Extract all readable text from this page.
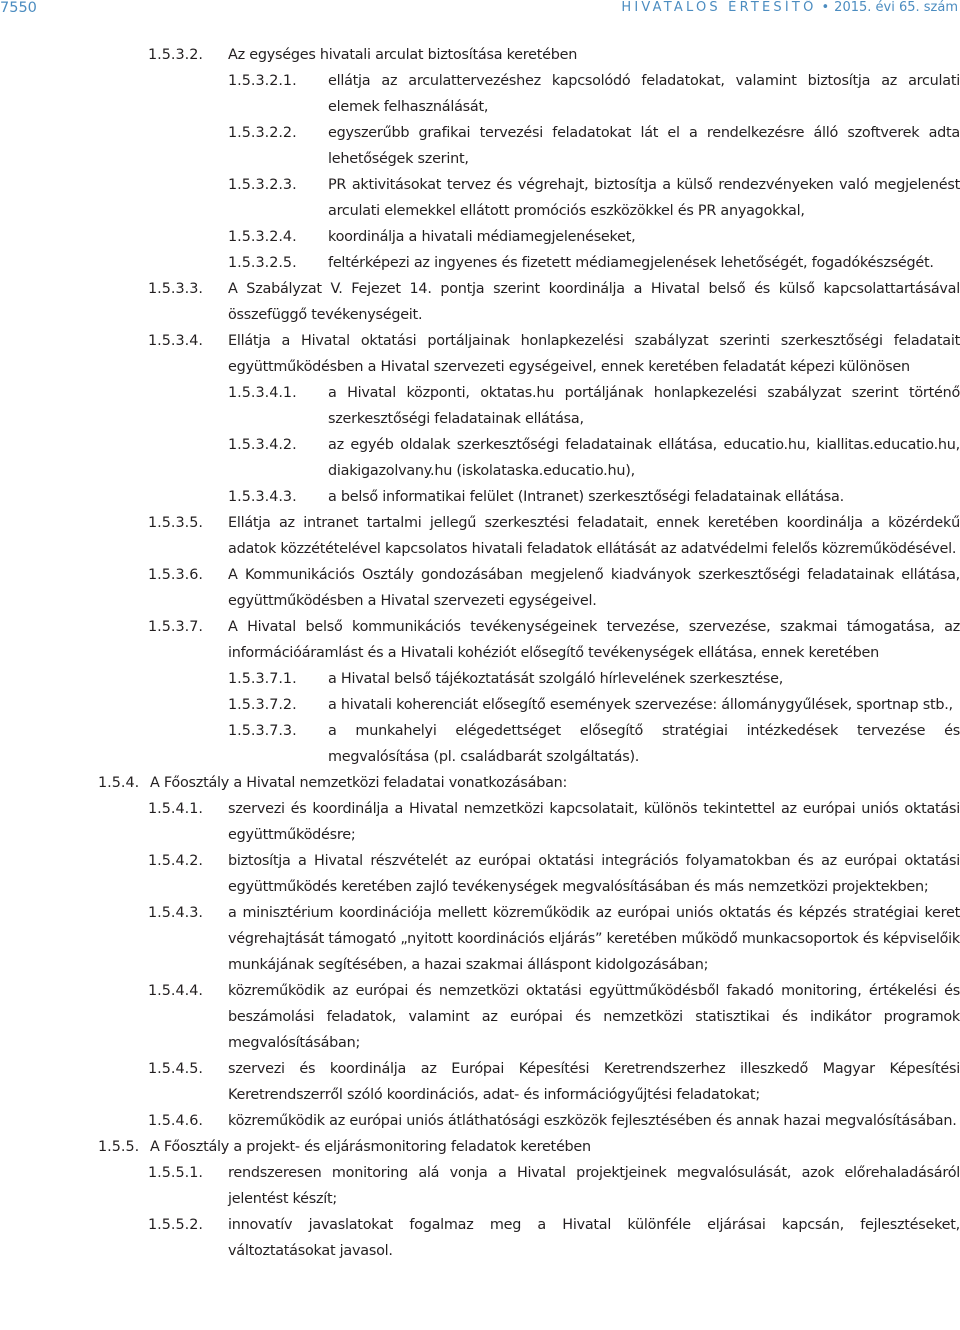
7550	HIVATALOS ÉRTESÍTŐ • 2015. évi 65. szám
1.5.3.2.	Az egységes hivatali arculat biztosítása keretében
1.5.3.2.1.	ellátja az arculattervezéshez kapcsolódó feladatokat, valamint biztosítja az arculati elemek felhasználását,
1.5.3.2.2.	egyszerűbb grafikai tervezési feladatokat lát el a rendelkezésre álló szoftverek adta lehetőségek szerint,
1.5.3.2.3.	PR aktivitásokat tervez és végrehajt, biztosítja a külső rendezvényeken való megjelenést arculati elemekkel ellátott promóciós eszközökkel és PR anyagokkal,
1.5.3.2.4.	koordinálja a hivatali médiamegjelenéseket,
1.5.3.2.5.	feltérképezi az ingyenes és fizetett médiamegjelenések lehetőségét, fogadókészségét.
1.5.3.3.	A Szabályzat V. Fejezet 14. pontja szerint koordinálja a Hivatal belső és külső kapcsolattartásával összefüggő tevékenységeit.
1.5.3.4.	Ellátja a Hivatal oktatási portáljainak honlapkezelési szabályzat szerinti szerkesztőségi feladatait együttműködésben a Hivatal szervezeti egységeivel, ennek keretében feladatát képezi különösen
1.5.3.4.1.	a Hivatal központi, oktatas.hu portáljának honlapkezelési szabályzat szerint történő szerkesztőségi feladatainak ellátása,
1.5.3.4.2.	az egyéb oldalak szerkesztőségi feladatainak ellátása, educatio.hu, kiallitas.educatio.hu, diakigazolvany.hu (iskolataska.educatio.hu),
1.5.3.4.3.	a belső informatikai felület (Intranet) szerkesztőségi feladatainak ellátása.
1.5.3.5.	Ellátja az intranet tartalmi jellegű szerkesztési feladatait, ennek keretében koordinálja a közérdekű adatok közzétételével kapcsolatos hivatali feladatok ellátását az adatvédelmi felelős közreműködésével.
1.5.3.6.	A Kommunikációs Osztály gondozásában megjelenő kiadványok szerkesztőségi feladatainak ellátása, együttműködésben a Hivatal szervezeti egységeivel.
1.5.3.7.	A Hivatal belső kommunikációs tevékenységeinek tervezése, szervezése, szakmai támogatása, az információáramlást és a Hivatali kohéziót elősegítő tevékenységek ellátása, ennek keretében
1.5.3.7.1.	a Hivatal belső tájékoztatását szolgáló hírlevelének szerkesztése,
1.5.3.7.2.	a hivatali koherenciát elősegítő események szervezése: állománygyűlések, sportnap stb.,
1.5.3.7.3.	a munkahelyi elégedettséget elősegítő stratégiai intézkedések tervezése és megvalósítása (pl. családbarát szolgáltatás).
1.5.4. A Főosztály a Hivatal nemzetközi feladatai vonatkozásában:
1.5.4.1.	szervezi és koordinálja a Hivatal nemzetközi kapcsolatait, különös tekintettel az európai uniós oktatási együttműködésre;
1.5.4.2.	biztosítja a Hivatal részvételét az európai oktatási integrációs folyamatokban és az európai oktatási együttműködés keretében zajló tevékenységek megvalósításában és más nemzetközi projektekben;
1.5.4.3.	a minisztérium koordinációja mellett közreműködik az európai uniós oktatás és képzés stratégiai keret végrehajtását támogató „nyitott koordinációs eljárás” keretében működő munkacsoportok és képviselőik munkájának segítésében, a hazai szakmai álláspont kidolgozásában;
1.5.4.4.	közreműködik az európai és nemzetközi oktatási együttműködésből fakadó monitoring, értékelési és beszámolási feladatok, valamint az európai és nemzetközi statisztikai és indikátor programok megvalósításában;
1.5.4.5.	szervezi és koordinálja az Európai Képesítési Keretrendszerhez illeszkedő Magyar Képesítési Keretrendszerről szóló koordinációs, adat- és információgyűjtési feladatokat;
1.5.4.6.	közreműködik az európai uniós átláthatósági eszközök fejlesztésében és annak hazai megvalósításában.
1.5.5. A Főosztály a projekt- és eljárásmonitoring feladatok keretében
1.5.5.1.	rendszeresen monitoring alá vonja a Hivatal projektjeinek megvalósulását, azok előrehaladásáról jelentést készít;
1.5.5.2.	innovatív javaslatokat fogalmaz meg a Hivatal különféle eljárásai kapcsán, fejlesztéseket, változtatásokat javasol.
